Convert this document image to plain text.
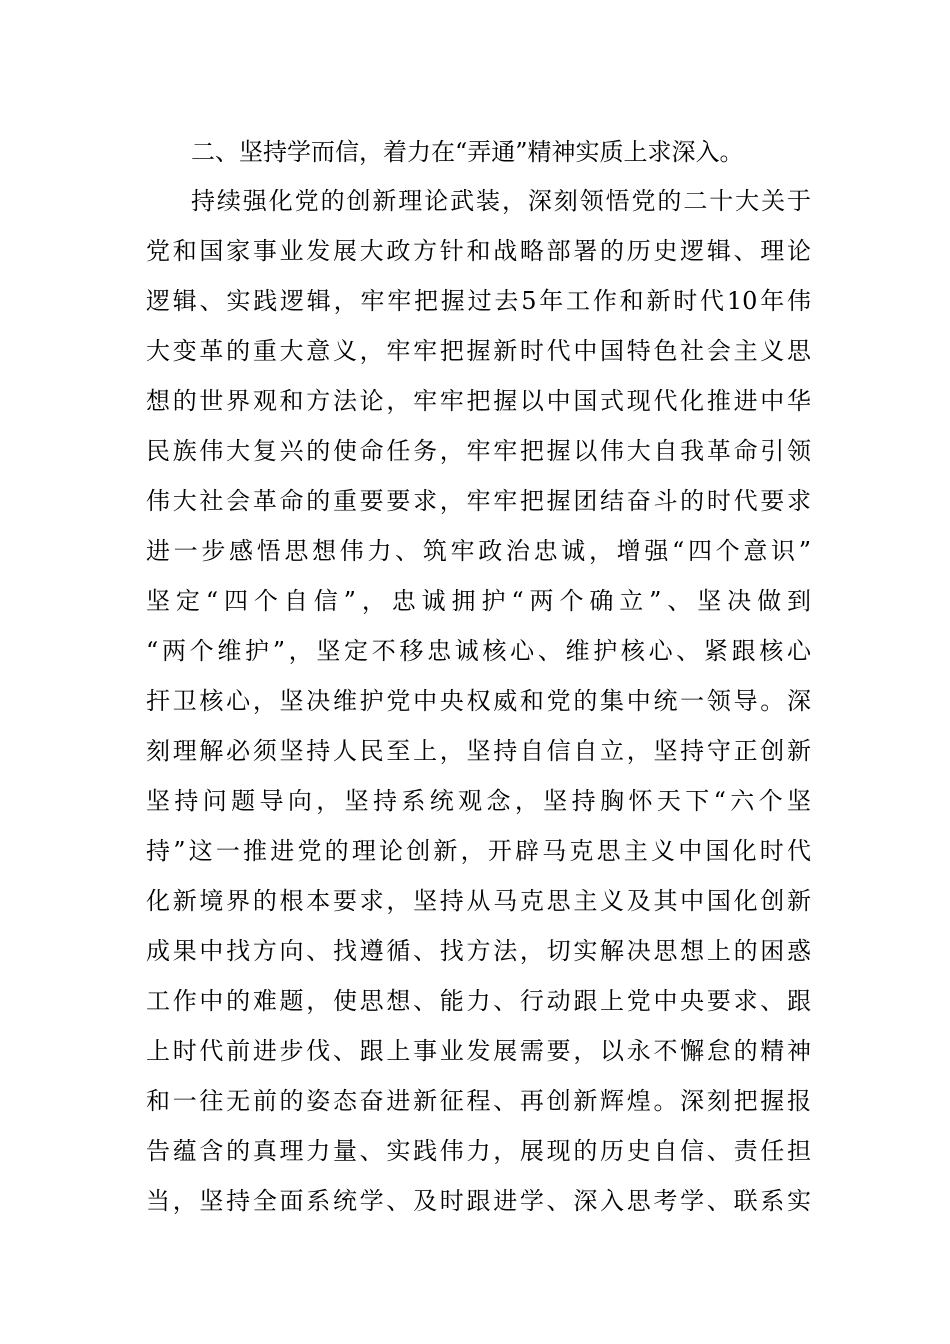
二、坚持学而信，着力在“弄通”精神实质上求深入。
持续强化党的创新理论武装，深刻领悟党的二十大关于
党和国家事业发展大政方针和战略部署的历史逻辑、理论
逻辑、实践逻辑，牢牢把握过去5年工作和新时代10年伟
大变革的重大意义，牢牢把握新时代中国特色社会主义思
想的世界观和方法论，牢牢把握以中国式现代化推进中华
民族伟大复兴的使命任务，牢牢把握以伟大自我革命引领
伟大社会革命的重要要求，牢牢把握团结奋斗的时代要求
进一步感悟思想伟力、筑牢政治忠诚，增强“四个意识”
坚定“四个自信”，忠诚拥护“两个确立”、坚决做到
“两个维护”，坚定不移忠诚核心、维护核心、紧跟核心
扞卫核心，坚决维护党中央权威和党的集中统一领导。深
刻理解必须坚持人民至上，坚持自信自立，坚持守正创新
坚持问题导向，坚持系统观念，坚持胸怀天下“六个坚
持”这一推进党的理论创新，开辟马克思主义中国化时代
化新境界的根本要求，坚持从马克思主义及其中国化创新
成果中找方向、找遵循、找方法，切实解决思想上的困惑
工作中的难题，使思想、能力、行动跟上党中央要求、跟
上时代前进步伐、跟上事业发展需要，以永不懈怠的精神
和一往无前的姿态奋进新征程、再创新辉煌。深刻把握报
告蕴含的真理力量、实践伟力，展现的历史自信、责任担
当，坚持全面系统学、及时跟进学、深入思考学、联系实
